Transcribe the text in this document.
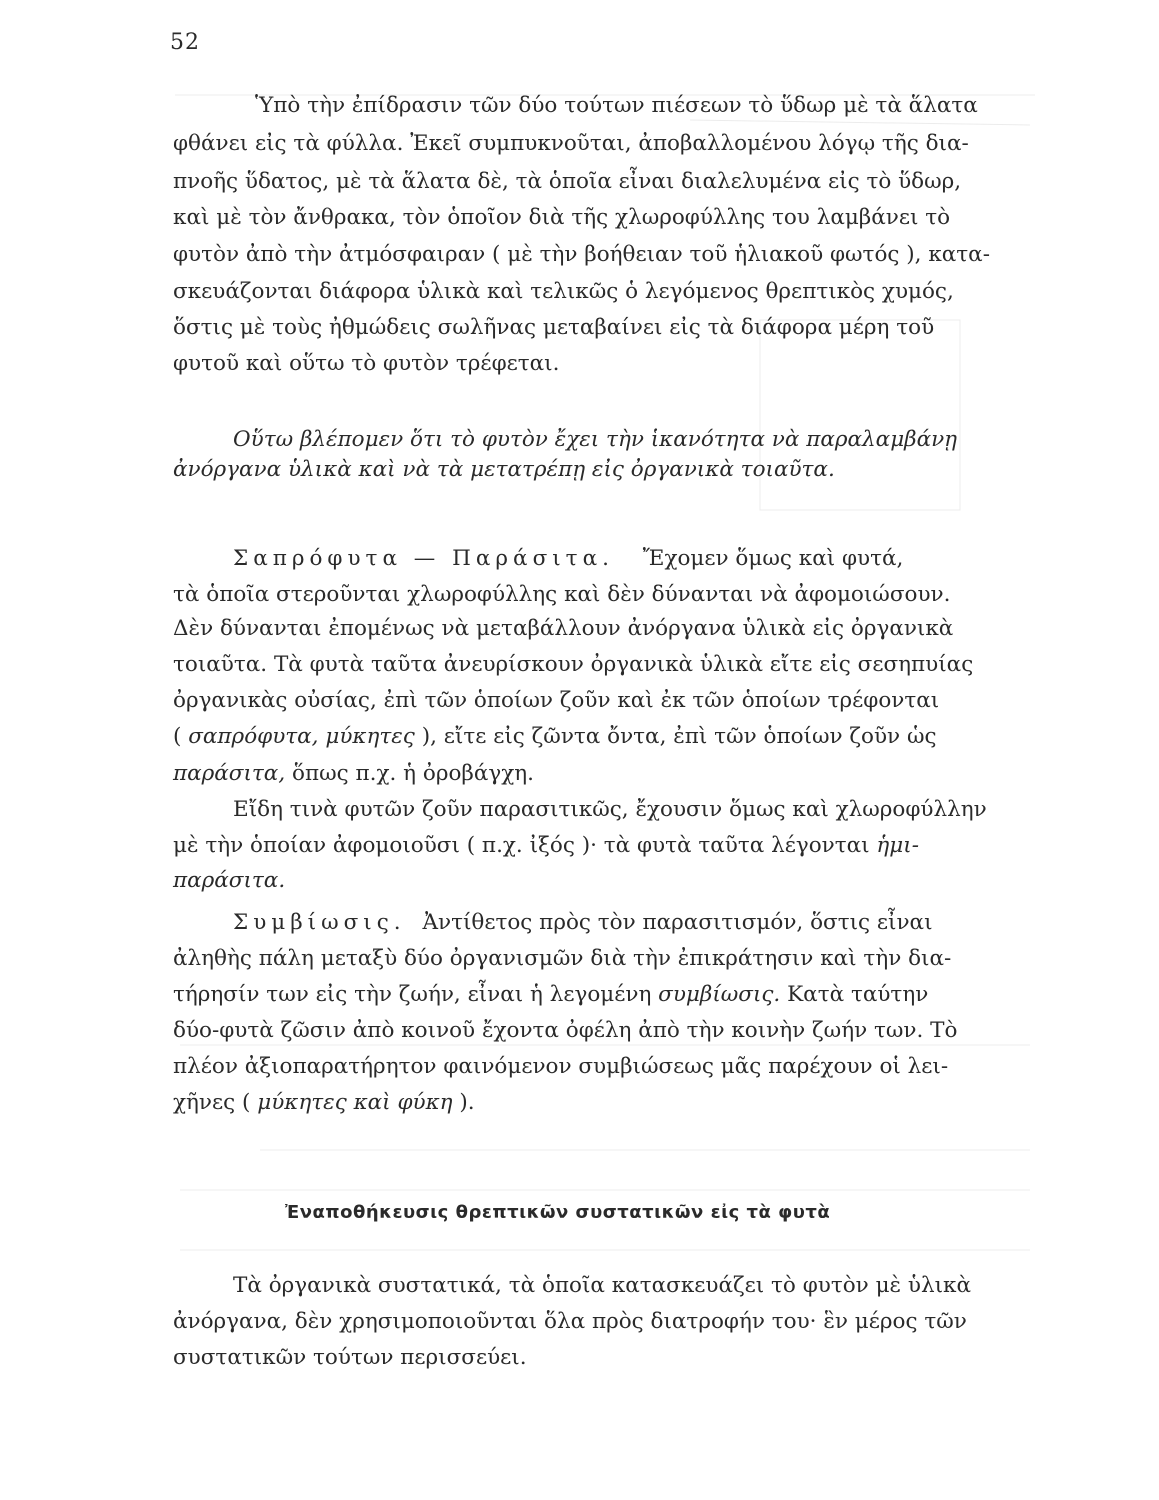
52
Ὑπὸ τὴν ἐπίδρασιν τῶν δύο τούτων πιέσεων τὸ ὕδωρ μὲ τὰ ἅλατα
φθάνει εἰς τὰ φύλλα. Ἐκεῖ συμπυκνοῦται, ἀποβαλλομένου λόγῳ τῆς δια-
πνοῆς ὕδατος, μὲ τὰ ἅλατα δὲ, τὰ ὁποῖα εἶναι διαλελυμένα εἰς τὸ ὕδωρ,
καὶ μὲ τὸν ἄνθρακα, τὸν ὁποῖον διὰ τῆς χλωροφύλλης του λαμβάνει τὸ
φυτὸν ἀπὸ τὴν ἀτμόσφαιραν ( μὲ τὴν βοήθειαν τοῦ ἡλιακοῦ φωτός ), κατα-
σκευάζονται διάφορα ὑλικὰ καὶ τελικῶς ὁ λεγόμενος θρεπτικὸς χυμός,
ὅστις μὲ τοὺς ἠθμώδεις σωλῆνας μεταβαίνει εἰς τὰ διάφορα μέρη τοῦ
φυτοῦ καὶ οὕτω τὸ φυτὸν τρέφεται.
Οὕτω βλέπομεν ὅτι τὸ φυτὸν ἔχει τὴν ἱκανότητα νὰ παραλαμβάνῃ
ἀνόργανα ὑλικὰ καὶ νὰ τὰ μετατρέπῃ εἰς ὀργανικὰ τοιαῦτα.
Σαπρόφυτα — Παράσιτα. Ἔχομεν ὅμως καὶ φυτά,
τὰ ὁποῖα στεροῦνται χλωροφύλλης καὶ δὲν δύνανται νὰ ἀφομοιώσουν.
Δὲν δύνανται ἐπομένως νὰ μεταβάλλουν ἀνόργανα ὑλικὰ εἰς ὀργανικὰ
τοιαῦτα. Τὰ φυτὰ ταῦτα ἀνευρίσκουν ὀργανικὰ ὑλικὰ εἴτε εἰς σεσηπυίας
ὀργανικὰς οὐσίας, ἐπὶ τῶν ὁποίων ζοῦν καὶ ἐκ τῶν ὁποίων τρέφονται
( σαπρόφυτα, μύκητες ), εἴτε εἰς ζῶντα ὄντα, ἐπὶ τῶν ὁποίων ζοῦν ὡς
παράσιτα, ὅπως π.χ. ἡ ὀροβάγχη.
Εἴδη τινὰ φυτῶν ζοῦν παρασιτικῶς, ἔχουσιν ὅμως καὶ χλωροφύλλην
μὲ τὴν ὁποίαν ἀφομοιοῦσι ( π.χ. ἰξός )· τὰ φυτὰ ταῦτα λέγονται ἡμι-
παράσιτα.
Συμβίωσις. Ἀντίθετος πρὸς τὸν παρασιτισμόν, ὅστις εἶναι
ἀληθὴς πάλη μεταξὺ δύο ὀργανισμῶν διὰ τὴν ἐπικράτησιν καὶ τὴν δια-
τήρησίν των εἰς τὴν ζωήν, εἶναι ἡ λεγομένη συμβίωσις. Κατὰ ταύτην
δύο-φυτὰ ζῶσιν ἀπὸ κοινοῦ ἔχοντα ὀφέλη ἀπὸ τὴν κοινὴν ζωήν των. Τὸ
πλέον ἀξιοπαρατήρητον φαινόμενον συμβιώσεως μᾶς παρέχουν οἱ λει-
χῆνες ( μύκητες καὶ φύκη ).
Ἐναποθήκευσις θρεπτικῶν συστατικῶν εἰς τὰ φυτὰ
Τὰ ὀργανικὰ συστατικά, τὰ ὁποῖα κατασκευάζει τὸ φυτὸν μὲ ὑλικὰ
ἀνόργανα, δὲν χρησιμοποιοῦνται ὅλα πρὸς διατροφήν του· ἓν μέρος τῶν
συστατικῶν τούτων περισσεύει.
